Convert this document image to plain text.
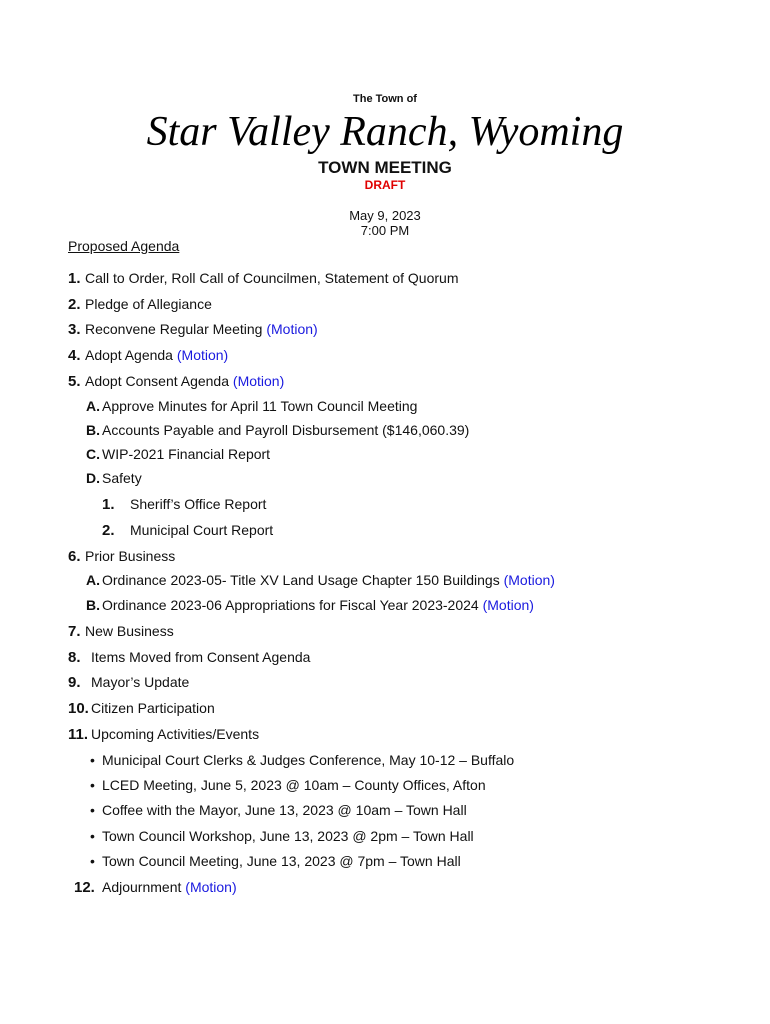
The Town of
Star Valley Ranch, Wyoming
TOWN MEETING
DRAFT
May 9, 2023
7:00 PM
Proposed Agenda
1. Call to Order, Roll Call of Councilmen, Statement of Quorum
2. Pledge of Allegiance
3. Reconvene Regular Meeting (Motion)
4. Adopt Agenda (Motion)
5. Adopt Consent Agenda (Motion)
A. Approve Minutes for April 11 Town Council Meeting
B. Accounts Payable and Payroll Disbursement ($146,060.39)
C. WIP-2021 Financial Report
D. Safety
1. Sheriff’s Office Report
2. Municipal Court Report
6. Prior Business
A. Ordinance 2023-05- Title XV Land Usage Chapter 150 Buildings (Motion)
B. Ordinance 2023-06 Appropriations for Fiscal Year 2023-2024 (Motion)
7. New Business
8. Items Moved from Consent Agenda
9. Mayor’s Update
10. Citizen Participation
11. Upcoming Activities/Events
• Municipal Court Clerks & Judges Conference, May 10-12 – Buffalo
• LCED Meeting, June 5, 2023 @ 10am – County Offices, Afton
• Coffee with the Mayor, June 13, 2023 @ 10am – Town Hall
• Town Council Workshop, June 13, 2023 @ 2pm – Town Hall
• Town Council Meeting, June 13, 2023 @ 7pm – Town Hall
12. Adjournment (Motion)
